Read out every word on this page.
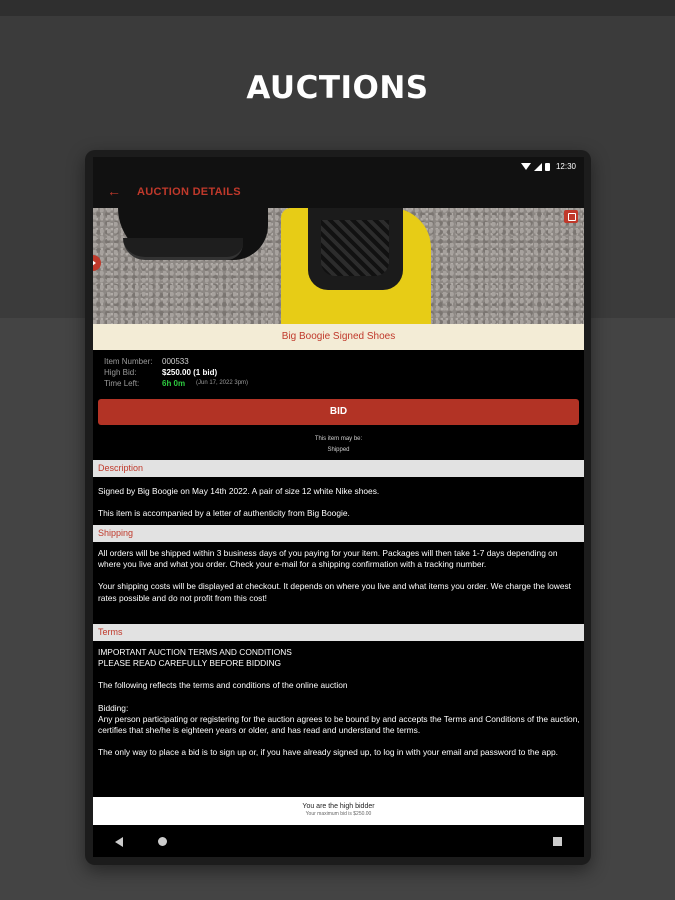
AUCTIONS
12:30
← AUCTION DETAILS
Big Boogie Signed Shoes
Item Number: 000533
High Bid:	$250.00 (1 bid)
Time Left:	6h 0m (Jun 17, 2022 3pm)
BID
This item may be:
Shipped
Description

Signed by Big Boogie on May 14th 2022. A pair of size 12 white Nike shoes.

This item is accompanied by a letter of authenticity from Big Boogie.

Shipping

All orders will be shipped within 3 business days of you paying for your item. Packages will then take 1-7 days depending on where you live and what you order. Check your e-mail for a shipping confirmation with a tracking number.

Your shipping costs will be displayed at checkout. It depends on where you live and what items you order. We charge the lowest rates possible and do not profit from this cost!

Terms
IMPORTANT AUCTION TERMS AND CONDITIONS

PLEASE READ CAREFULLY BEFORE BIDDING

The following reflects the terms and conditions of the online auction

Bidding:

Any person participating or registering for the auction agrees to be bound by and accepts the Terms and Conditions of the auction, certifies that she/he is eighteen years or older, and has read and understand the terms.

The only way to place a bid is to sign up or, if you have already signed up, to log in with your email and password to the app.

You are the high bidder
Your maximum bid is $250.00
